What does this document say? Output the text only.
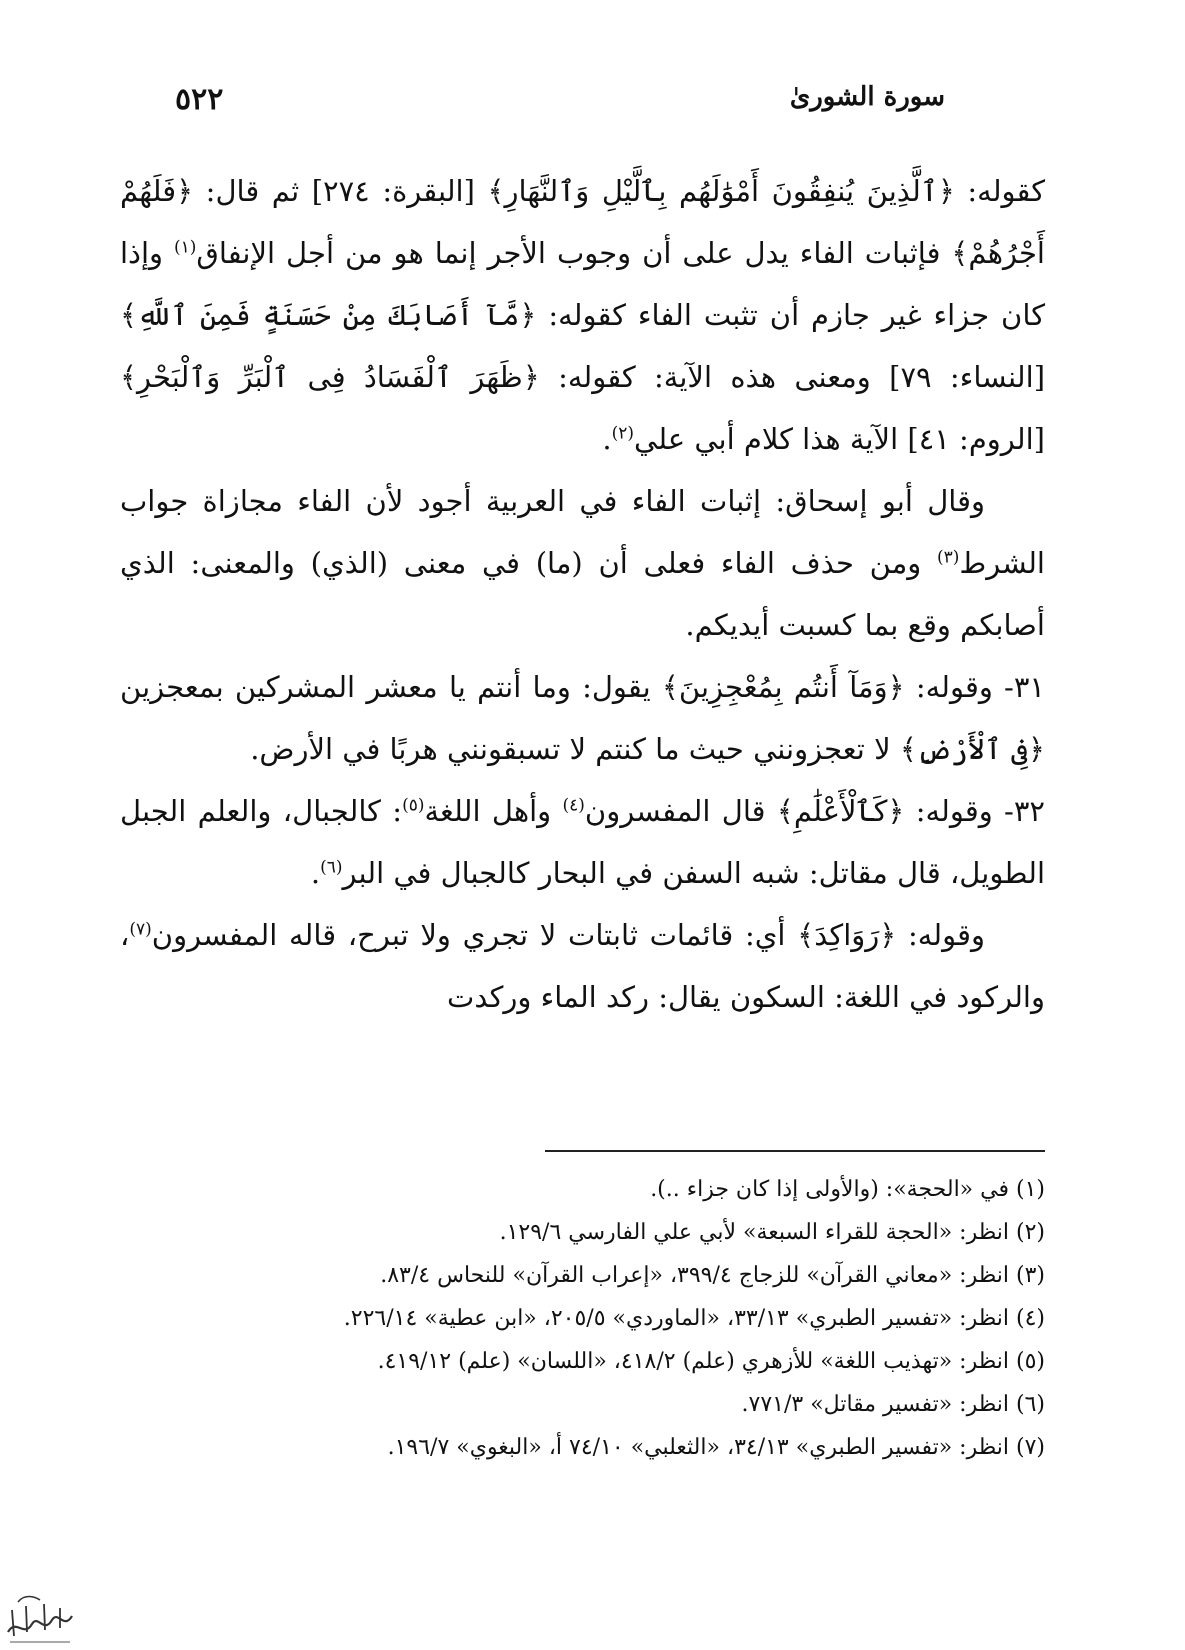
٥٢٢	سورة الشورىٰ

كقوله: ﴿ٱلَّذِينَ يُنفِقُونَ أَمْوَٰلَهُم بِٱلَّيْلِ وَٱلنَّهَارِ﴾ [البقرة: ٢٧٤] ثم قال: ﴿فَلَهُمْ أَجْرُهُمْ﴾ فإثبات الفاء يدل على أن وجوب الأجر إنما هو من أجل الإنفاق$^{(١)}$ وإذا كان جزاء غير جازم أن تثبت الفاء كقوله: ﴿مَّآ أَصَابَكَ مِنْ حَسَنَةٍ فَمِنَ ٱللَّهِ﴾ [النساء: ٧٩] ومعنى هذه الآية: كقوله: ﴿ظَهَرَ ٱلْفَسَادُ فِى ٱلْبَرِّ وَٱلْبَحْرِ﴾ [الروم: ٤١] الآية هذا كلام أبي علي$^{(٢)}$.

وقال أبو إسحاق: إثبات الفاء في العربية أجود لأن الفاء مجازاة جواب الشرط$^{(٣)}$ ومن حذف الفاء فعلى أن (ما) في معنى (الذي) والمعنى: الذي أصابكم وقع بما كسبت أيديكم.

٣١- وقوله: ﴿وَمَآ أَنتُم بِمُعْجِزِينَ﴾ يقول: وما أنتم يا معشر المشركين بمعجزين ﴿فِى ٱلْأَرْضِ﴾ لا تعجزونني حيث ما كنتم لا تسبقونني هربًا في الأرض.

٣٢- وقوله: ﴿كَٱلْأَعْلَٰمِ﴾ قال المفسرون$^{(٤)}$ وأهل اللغة$^{(٥)}$: كالجبال، والعلم الجبل الطويل، قال مقاتل: شبه السفن في البحار كالجبال في البر$^{(٦)}$.

وقوله: ﴿رَوَاكِدَ﴾ أي: قائمات ثابتات لا تجري ولا تبرح، قاله المفسرون$^{(٧)}$، والركود في اللغة: السكون يقال: ركد الماء وركدت

(١) في «الحجة»: (والأولى إذا كان جزاء ..).

(٢) انظر: «الحجة للقراء السبعة» لأبي علي الفارسي ١٢٩/٦.

(٣) انظر: «معاني القرآن» للزجاج ٣٩٩/٤، «إعراب القرآن» للنحاس ٨٣/٤.

(٤) انظر: «تفسير الطبري» ٣٣/١٣، «الماوردي» ٢٠٥/٥، «ابن عطية» ٢٢٦/١٤.

(٥) انظر: «تهذيب اللغة» للأزهري (علم) ٤١٨/٢، «اللسان» (علم) ٤١٩/١٢.

(٦) انظر: «تفسير مقاتل» ٧٧١/٣.

(٧) انظر: «تفسير الطبري» ٣٤/١٣، «الثعلبي» ٧٤/١٠ أ، «البغوي» ١٩٦/٧.
